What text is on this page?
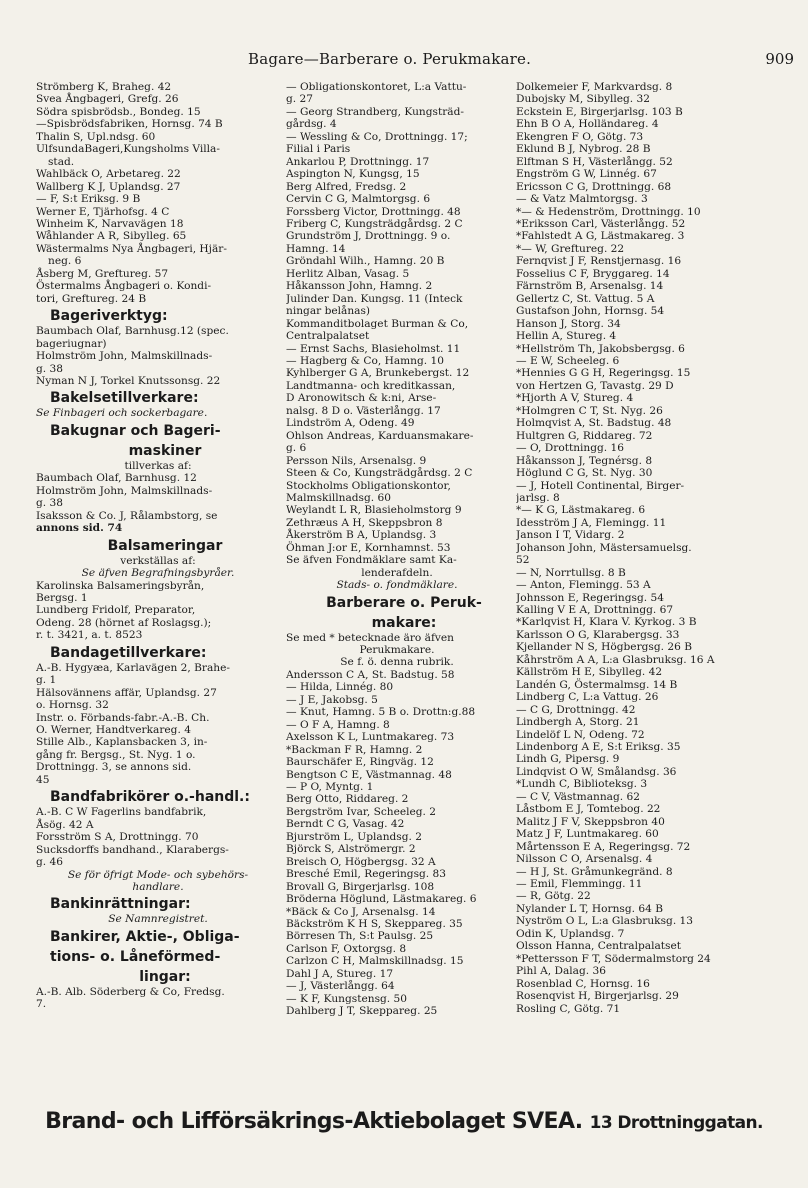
Bagare—Barberare o. Perukmakare.	909
Strömberg K, Braheg. 42
Svea Ångbageri, Grefg. 26
Södra spisbrödsb., Bondeg. 15
—Spisbrödsfabriken, Hornsg. 74 B
Thalin S, Upl.ndsg. 60
UlfsundaBageri,Kungsholms Villa-
stad.
Wahlbäck O, Arbetareg. 22
Wallberg K J, Uplandsg. 27
— F, S:t Eriksg. 9 B
Werner E, Tjärhofsg. 4 C
Winheim K, Narvavägen 18
Wåhlander A R, Sibylleg. 65
Wästermalms Nya Ångbageri, Hjär-
neg. 6
Åsberg M, Greftureg. 57
Östermalms Ångbageri o. Kondi-
tori, Greftureg. 24 B
Bageriverktyg:
Baumbach Olaf, Barnhusg.12 (spec.
bageriugnar)
Holmström John, Malmskillnads-
g. 38
Nyman N J, Torkel Knutssonsg. 22
Bakelsetillverkare:
Se Finbageri och sockerbagare.
Bakugnar och Bageri-
maskiner
tillverkas af:
Baumbach Olaf, Barnhusg. 12
Holmström John, Malmskillnads-
g. 38
Isaksson & Co. J, Rålambstorg, se
annons sid. 74
Balsameringar
verkställas af:
Se äfven Begrafningsbyråer.
Karolinska Balsameringsbyrån,
Bergsg. 1
Lundberg Fridolf, Preparator,
Odeng. 28 (hörnet af Roslagsg.);
r. t. 3421, a. t. 8523
Bandagetillverkare:
A.-B. Hygyæa, Karlavägen 2, Brahe-
g. 1
Hälsovännens affär, Uplandsg. 27
o. Hornsg. 32
Instr. o. Förbands-fabr.-A.-B. Ch.
O. Werner, Handtverkareg. 4
Stille Alb., Kaplansbacken 3, in-
gång fr. Bergsg., St. Nyg. 1 o.
Drottningg. 3, se annons sid.
45
Bandfabrikörer o.-handl.:
A.-B. C W Fagerlins bandfabrik,
Åsög. 42 A
Forsström S A, Drottningg. 70
Sucksdorffs bandhand., Klarabergs-
g. 46
Se för öfrigt Mode- och sybehörs-
handlare.
Bankinrättningar:
Se Namnregistret.
Bankirer, Aktie-, Obliga-
tions- o. Låneförmed-
lingar:
A.-B. Alb. Söderberg & Co, Fredsg.
7.
— Obligationskontoret, L:a Vattu-
g. 27
— Georg Strandberg, Kungsträd-
gårdsg. 4
— Wessling & Co, Drottningg. 17;
Filial i Paris
Ankarlou P, Drottningg. 17
Aspington N, Kungsg, 15
Berg Alfred, Fredsg. 2
Cervin C G, Malmtorgsg. 6
Forssberg Victor, Drottningg. 48
Friberg C, Kungsträdgårdsg. 2 C
Grundström J, Drottningg. 9 o.
Hamng. 14
Gröndahl Wilh., Hamng. 20 B
Herlitz Alban, Vasag. 5
Håkansson John, Hamng. 2
Julinder Dan. Kungsg. 11 (Inteck
ningar belånas)
Kommanditbolaget Burman & Co,
Centralpalatset
— Ernst Sachs, Blasieholmst. 11
— Hagberg & Co, Hamng. 10
Kyhlberger G A, Brunkebergst. 12
Landtmanna- och kreditkassan,
D Aronowitsch & k:ni, Arse-
nalsg. 8 D o. Västerlångg. 17
Lindström A, Odeng. 49
Ohlson Andreas, Karduansmakare-
g. 6
Persson Nils, Arsenalsg. 9
Steen & Co, Kungsträdgårdsg. 2 C
Stockholms Obligationskontor,
Malmskillnadsg. 60
Weylandt L R, Blasieholmstorg 9
Zethræus A H, Skeppsbron 8
Åkerström B A, Uplandsg. 3
Öhman J:or E, Kornhamnst. 53
Se äfven Fondmäklare samt Ka-
lenderafdeln.
Stads- o. fondmäklare.
Barberare o. Peruk-
makare:
Se med * betecknade äro äfven
Perukmakare.
Se f. ö. denna rubrik.
Andersson C A, St. Badstug. 58
— Hilda, Linnég. 80
— J E, Jakobsg. 5
— Knut, Hamng. 5 B o. Drottn:g.88
— O F A, Hamng. 8
Axelsson K L, Luntmakareg. 73
*Backman F R, Hamng. 2
Baurschäfer E, Ringväg. 12
Bengtson C E, Västmannag. 48
— P O, Myntg. 1
Berg Otto, Riddareg. 2
Bergström Ivar, Scheeleg. 2
Berndt C G, Vasag. 42
Bjurström L, Uplandsg. 2
Björck S, Alströmergr. 2
Breisch O, Högbergsg. 32 A
Bresché Emil, Regeringsg. 83
Brovall G, Birgerjarlsg. 108
Bröderna Höglund, Lästmakareg. 6
*Bäck & Co J, Arsenalsg. 14
Bäckström K H S, Skeppareg. 35
Börresen Th, S:t Paulsg. 25
Carlson F, Oxtorgsg. 8
Carlzon C H, Malmskillnadsg. 15
Dahl J A, Stureg. 17
— J, Västerlångg. 64
— K F, Kungstensg. 50
Dahlberg J T, Skeppareg. 25
Dolkemeier F, Markvardsg. 8
Dubojsky M, Sibylleg. 32
Eckstein E, Birgerjarlsg. 103 B
Ehn B O A, Holländareg. 4
Ekengren F O, Götg. 73
Eklund B J, Nybrog. 28 B
Elftman S H, Västerlångg. 52
Engström G W, Linnég. 67
Ericsson C G, Drottningg. 68
— & Vatz Malmtorgsg. 3
*— & Hedenström, Drottningg. 10
*Eriksson Carl, Västerlångg. 52
*Fahlstedt A G, Lästmakareg. 3
*— W, Greftureg. 22
Fernqvist J F, Renstjernasg. 16
Fosselius C F, Bryggareg. 14
Färnström B, Arsenalsg. 14
Gellertz C, St. Vattug. 5 A
Gustafson John, Hornsg. 54
Hanson J, Storg. 34
Hellin A, Stureg. 4
*Hellström Th, Jakobsbergsg. 6
— E W, Scheeleg. 6
*Hennies G G H, Regeringsg. 15
von Hertzen G, Tavastg. 29 D
*Hjorth A V, Stureg. 4
*Holmgren C T, St. Nyg. 26
Holmqvist A, St. Badstug. 48
Hultgren G, Riddareg. 72
— O, Drottningg. 16
Håkansson J, Tegnérsg. 8
Höglund C G, St. Nyg. 30
— J, Hotell Continental, Birger-
jarlsg. 8
*— K G, Lästmakareg. 6
Idesström J A, Flemingg. 11
Janson I T, Vidarg. 2
Johanson John, Mästersamuelsg.
52
— N, Norrtullsg. 8 B
— Anton, Flemingg. 53 A
Johnsson E, Regeringsg. 54
Kalling V E A, Drottningg. 67
*Karlqvist H, Klara V. Kyrkog. 3 B
Karlsson O G, Klarabergsg. 33
Kjellander N S, Högbergsg. 26 B
Kåhrström A A, L:a Glasbruksg. 16 A
Källström H E, Sibylleg. 42
Landén G, Östermalmsg. 14 B
Lindberg C, L:a Vattug. 26
— C G, Drottningg. 42
Lindbergh A, Storg. 21
Lindelöf L N, Odeng. 72
Lindenborg A E, S:t Eriksg. 35
Lindh G, Pipersg. 9
Lindqvist O W, Smålandsg. 36
*Lundh C, Biblioteksg. 3
— C V, Västmannag. 62
Låstbom E J, Tomtebog. 22
Malitz J F V, Skeppsbron 40
Matz J F, Luntmakareg. 60
Mårtensson E A, Regeringsg. 72
Nilsson C O, Arsenalsg. 4
— H J, St. Gråmunkegränd. 8
— Emil, Flemmingg. 11
— R, Götg. 22
Nylander L T, Hornsg. 64 B
Nyström O L, L:a Glasbruksg. 13
Odin K, Uplandsg. 7
Olsson Hanna, Centralpalatset
*Pettersson F T, Södermalmstorg 24
Pihl A, Dalag. 36
Rosenblad C, Hornsg. 16
Rosenqvist H, Birgerjarlsg. 29
Rosling C, Götg. 71
Brand- och Lifförsäkrings-Aktiebolaget SVEA. 13 Drottninggatan.
